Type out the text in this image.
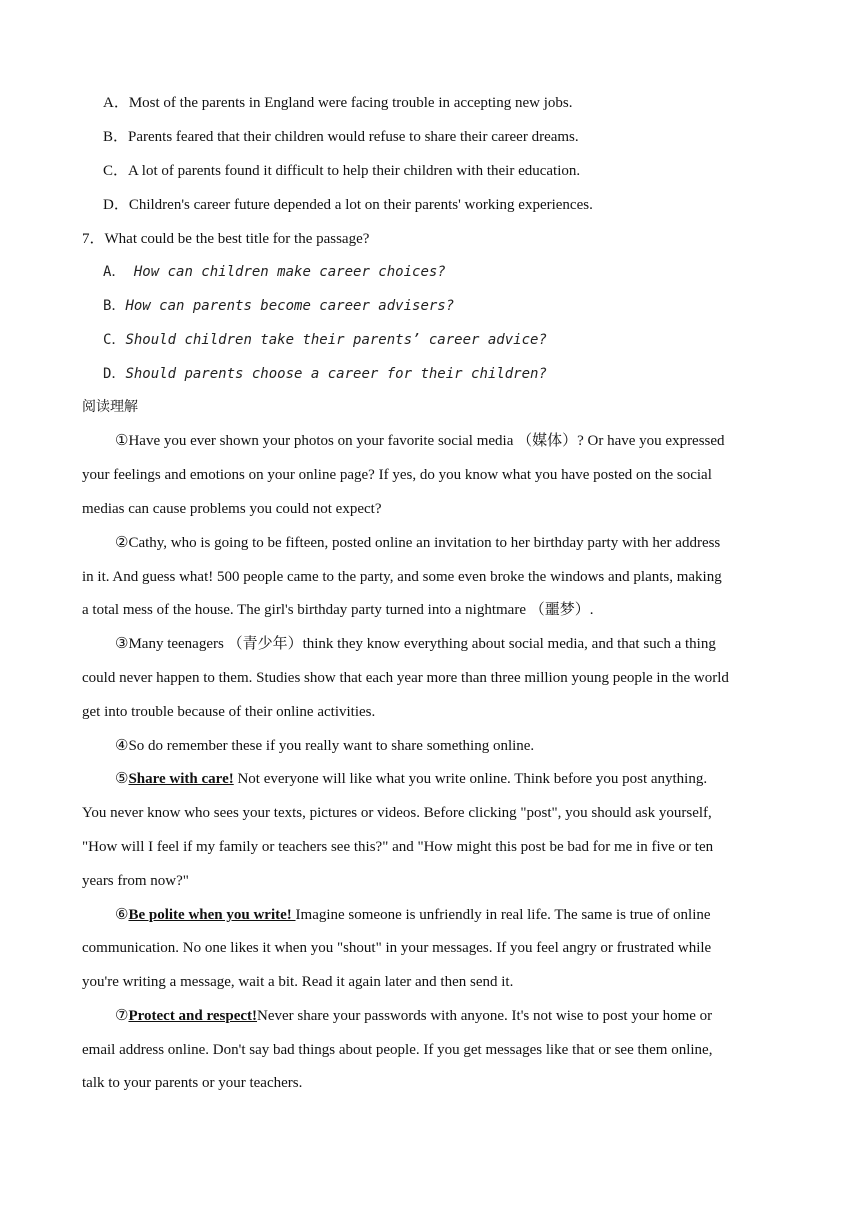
A．Most of the parents in England were facing trouble in accepting new jobs.
B．Parents feared that their children would refuse to share their career dreams.
C．A lot of parents found it difficult to help their children with their education.
D．Children's career future depended a lot on their parents' working experiences.
7．What could be the best title for the passage?
A． How can children make career choices?
B．How can parents become career advisers?
C．Should children take their parents’ career advice?
D．Should parents choose a career for their children?
阅读理解
①Have you ever shown your photos on your favorite social media （媒体）? Or have you expressed
your feelings and emotions on your online page? If yes, do you know what you have posted on the social
medias can cause problems you could not expect?
②Cathy, who is going to be fifteen, posted online an invitation to her birthday party with her address
in it. And guess what! 500 people came to the party, and some even broke the windows and plants, making
a total mess of the house. The girl's birthday party turned into a nightmare （噩梦）.
③Many teenagers （青少年）think they know everything about social media, and that such a thing
could never happen to them. Studies show that each year more than three million young people in the world
get into trouble because of their online activities.
④So do remember these if you really want to share something online.
⑤Share with care! Not everyone will like what you write online. Think before you post anything.
You never know who sees your texts, pictures or videos. Before clicking "post", you should ask yourself,
"How will I feel if my family or teachers see this?" and "How might this post be bad for me in five or ten
years from now?"
⑥Be polite when you write! Imagine someone is unfriendly in real life. The same is true of online
communication. No one likes it when you "shout" in your messages. If you feel angry or frustrated while
you're writing a message, wait a bit. Read it again later and then send it.
⑦Protect and respect!Never share your passwords with anyone. It's not wise to post your home or
email address online. Don't say bad things about people. If you get messages like that or see them online,
talk to your parents or your teachers.
